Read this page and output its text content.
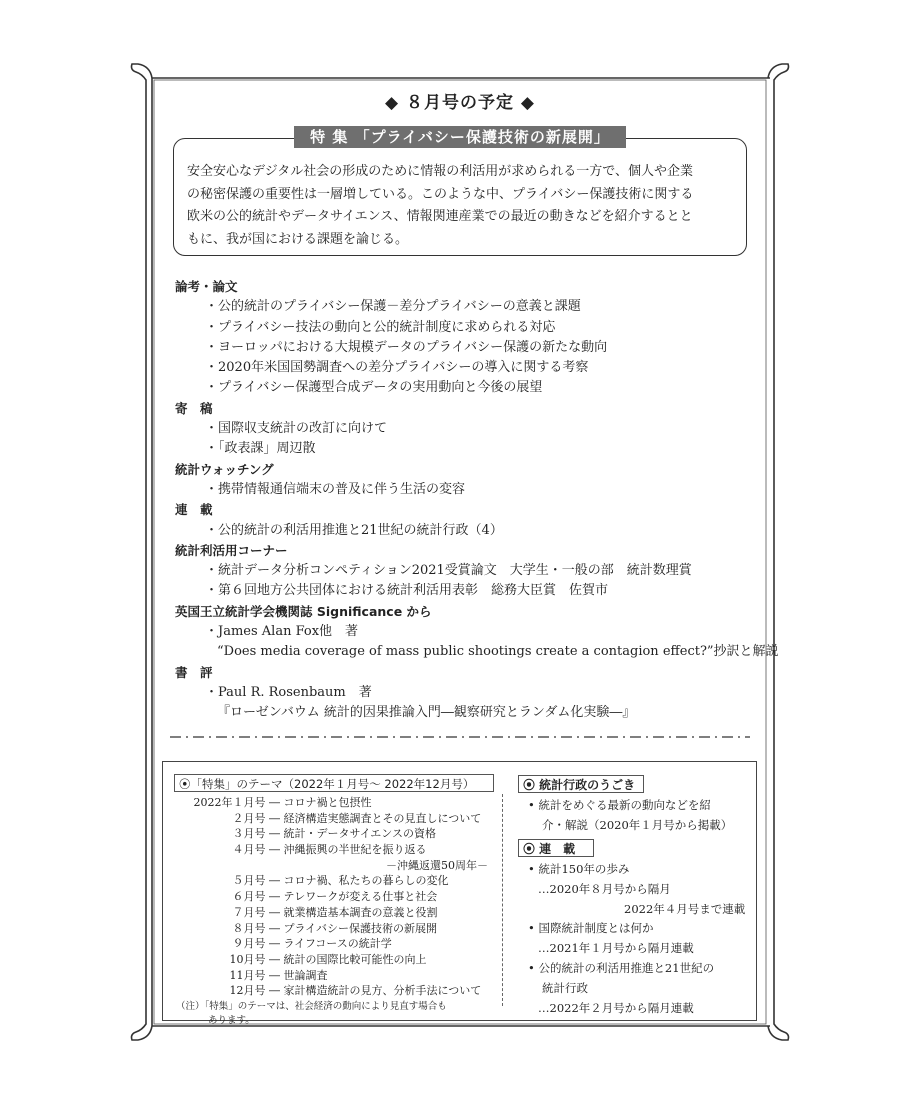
◆ ８月号の予定 ◆
特 集 「プライバシー保護技術の新展開」
安全安心なデジタル社会の形成のために情報の利活用が求められる一方で、個人や企業
の秘密保護の重要性は一層増している。このような中、プライバシー保護技術に関する
欧米の公的統計やデータサイエンス、情報関連産業での最近の動きなどを紹介するとと
もに、我が国における課題を論じる。
論考・論文
・公的統計のプライバシー保護－差分プライバシーの意義と課題
・プライバシー技法の動向と公的統計制度に求められる対応
・ヨーロッパにおける大規模データのプライバシー保護の新たな動向
・2020年米国国勢調査への差分プライバシーの導入に関する考察
・プライバシー保護型合成データの実用動向と今後の展望
寄　稿
・国際収支統計の改訂に向けて
・「政表課」周辺散
統計ウォッチング
・携帯情報通信端末の普及に伴う生活の変容
連　載
・公的統計の利活用推進と21世紀の統計行政（4）
統計利活用コーナー
・統計データ分析コンペティション2021受賞論文　大学生・一般の部　統計数理賞
・第６回地方公共団体における統計利活用表彰　総務大臣賞　佐賀市
英国王立統計学会機関誌 Significance から
・James Alan Fox他　著
“Does media coverage of mass public shootings create a contagion effect?”抄訳と解説
書　評
・Paul R. Rosenbaum　著
『ローゼンバウム 統計的因果推論入門―観察研究とランダム化実験―』
⦿「特集」のテーマ（2022年１月号～ 2022年12月号）
2022年１月号 ― コロナ禍と包摂性
２月号 ― 経済構造実態調査とその見直しについて
３月号 ― 統計・データサイエンスの資格
４月号 ― 沖縄振興の半世紀を振り返る
－沖縄返還50周年－
５月号 ― コロナ禍、私たちの暮らしの変化
６月号 ― テレワークが変える仕事と社会
７月号 ― 就業構造基本調査の意義と役割
８月号 ― プライバシー保護技術の新展開
９月号 ― ライフコースの統計学
10月号 ― 統計の国際比較可能性の向上
11月号 ― 世論調査
12月号 ― 家計構造統計の見方、分析手法について
（注）「特集」のテーマは、社会経済の動向により見直す場合も
あります。
⦿ 統計行政のうごき
• 統計をめぐる最新の動向などを紹
介・解説（2020年１月号から掲載）
⦿ 連　載
• 統計150年の歩み
…2020年８月号から隔月
2022年４月号まで連載
• 国際統計制度とは何か
…2021年１月号から隔月連載
• 公的統計の利活用推進と21世紀の
統計行政
…2022年２月号から隔月連載
